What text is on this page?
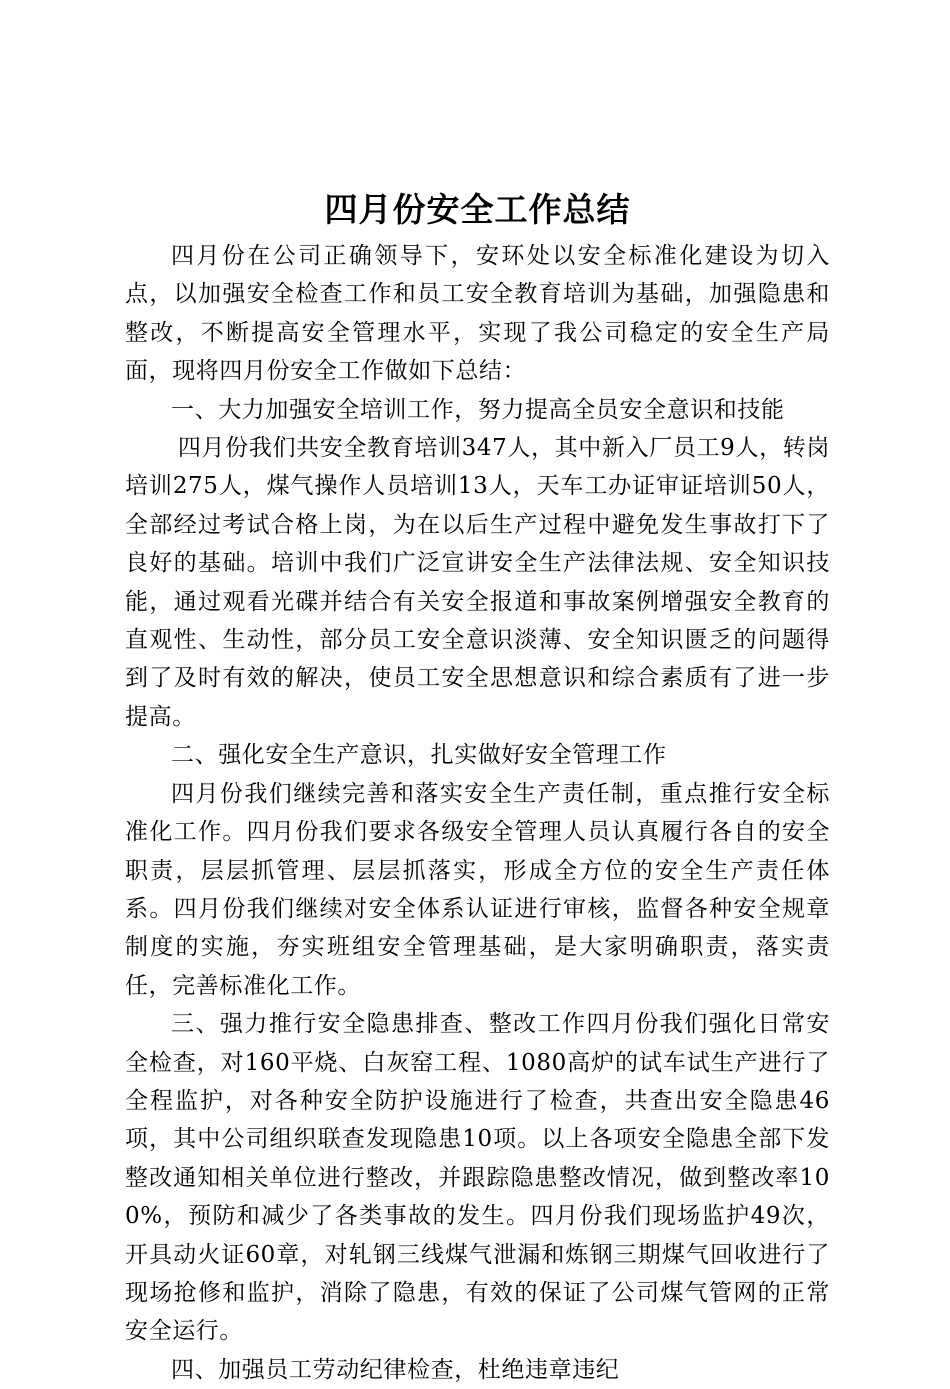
四月份安全工作总结

四月份在公司正确领导下，安环处以安全标准化建设为切入点，以加强安全检查工作和员工安全教育培训为基础，加强隐患和整改，不断提高安全管理水平，实现了我公司稳定的安全生产局面，现将四月份安全工作做如下总结：

一、大力加强安全培训工作，努力提高全员安全意识和技能

四月份我们共安全教育培训347人，其中新入厂员工9人，转岗培训275人，煤气操作人员培训13人，天车工办证审证培训50人，全部经过考试合格上岗，为在以后生产过程中避免发生事故打下了良好的基础。培训中我们广泛宣讲安全生产法律法规、安全知识技能，通过观看光碟并结合有关安全报道和事故案例增强安全教育的直观性、生动性，部分员工安全意识淡薄、安全知识匮乏的问题得到了及时有效的解决，使员工安全思想意识和综合素质有了进一步提高。

二、强化安全生产意识，扎实做好安全管理工作

四月份我们继续完善和落实安全生产责任制，重点推行安全标准化工作。四月份我们要求各级安全管理人员认真履行各自的安全职责，层层抓管理、层层抓落实，形成全方位的安全生产责任体系。四月份我们继续对安全体系认证进行审核，监督各种安全规章制度的实施，夯实班组安全管理基础，是大家明确职责，落实责任，完善标准化工作。

三、强力推行安全隐患排查、整改工作四月份我们强化日常安全检查，对160平烧、白灰窑工程、1080高炉的试车试生产进行了全程监护，对各种安全防护设施进行了检查，共查出安全隐患46项，其中公司组织联查发现隐患10项。以上各项安全隐患全部下发整改通知相关单位进行整改，并跟踪隐患整改情况，做到整改率100%，预防和减少了各类事故的发生。四月份我们现场监护49次，开具动火证60章，对轧钢三线煤气泄漏和炼钢三期煤气回收进行了现场抢修和监护，消除了隐患，有效的保证了公司煤气管网的正常安全运行。

四、加强员工劳动纪律检查，杜绝违章违纪
